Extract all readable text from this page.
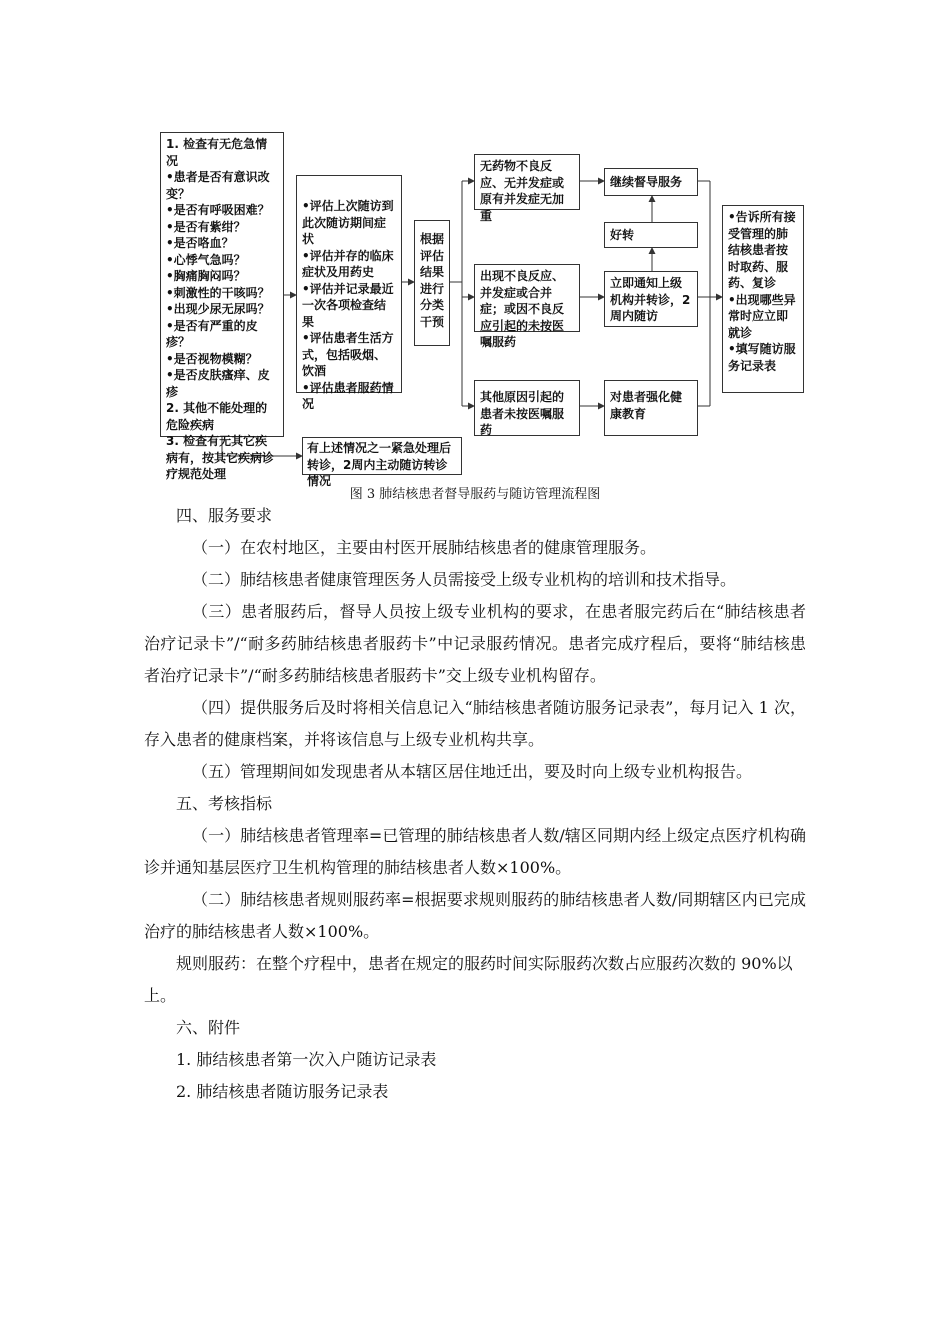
1. 检查有无危急情况
•患者是否有意识改变？
•是否有呼吸困难？
•是否有紫绀？
•是否咯血？
•心悸气急吗？
•胸痛胸闷吗？
•刺激性的干咳吗？
•出现少尿无尿吗？
•是否有严重的皮疹？
•是否视物模糊？
•是否皮肤瘙痒、皮疹
2. 其他不能处理的危险疾病
3. 检查有无其它疾病有，按其它疾病诊疗规范处理
•评估上次随访到此次随访期间症状
•评估并存的临床症状及用药史
•评估并记录最近一次各项检查结果
•评估患者生活方式，包括吸烟、饮酒
•评估患者服药情况
根据评估结果进行分类干预
无药物不良反应、无并发症或原有并发症无加重
出现不良反应、并发症或合并症；或因不良反应引起的未按医嘱服药
其他原因引起的患者未按医嘱服药
继续督导服务
好转
立即通知上级机构并转诊，2周内随访
对患者强化健康教育
•告诉所有接受管理的肺结核患者按时取药、服药、复诊
•出现哪些异常时应立即就诊
•填写随访服务记录表
有上述情况之一紧急处理后转诊，2周内主动随访转诊情况
图 3 肺结核患者督导服药与随访管理流程图

四、服务要求

（一）在农村地区，主要由村医开展肺结核患者的健康管理服务。

（二）肺结核患者健康管理医务人员需接受上级专业机构的培训和技术指导。

（三）患者服药后，督导人员按上级专业机构的要求，在患者服完药后在“肺结核患者治疗记录卡”/“耐多药肺结核患者服药卡”中记录服药情况。患者完成疗程后，要将“肺结核患者治疗记录卡”/“耐多药肺结核患者服药卡”交上级专业机构留存。

（四）提供服务后及时将相关信息记入“肺结核患者随访服务记录表”，每月记入 1 次，存入患者的健康档案，并将该信息与上级专业机构共享。

（五）管理期间如发现患者从本辖区居住地迁出，要及时向上级专业机构报告。

五、考核指标

（一）肺结核患者管理率=已管理的肺结核患者人数/辖区同期内经上级定点医疗机构确诊并通知基层医疗卫生机构管理的肺结核患者人数×100%。

（二）肺结核患者规则服药率=根据要求规则服药的肺结核患者人数/同期辖区内已完成治疗的肺结核患者人数×100%。

规则服药：在整个疗程中，患者在规定的服药时间实际服药次数占应服药次数的 90%以上。

六、附件

1. 肺结核患者第一次入户随访记录表

2. 肺结核患者随访服务记录表
